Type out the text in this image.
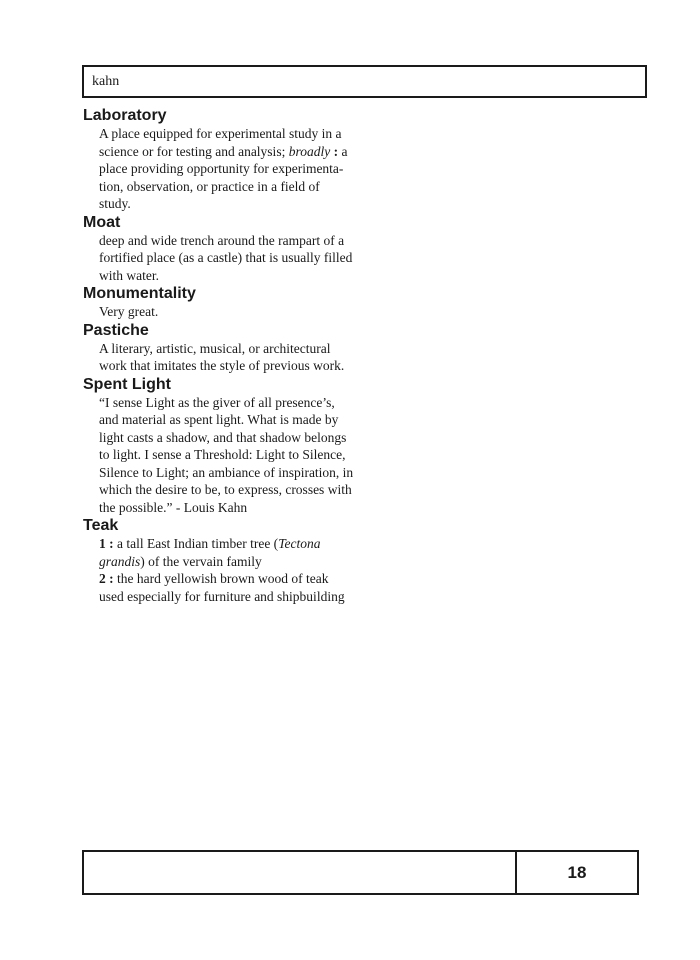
kahn
Laboratory

A place equipped for experimental study in a
science or for testing and analysis; broadly : a
place providing opportunity for experimenta-
tion, observation, or practice in a field of
study.

Moat

deep and wide trench around the rampart of a
fortified place (as a castle) that is usually filled
with water.

Monumentality

Very great.

Pastiche

A literary, artistic, musical, or architectural
work that imitates the style of previous work.

Spent Light

“I sense Light as the giver of all presence’s,
and material as spent light. What is made by
light casts a shadow, and that shadow belongs
to light. I sense a Threshold: Light to Silence,
Silence to Light; an ambiance of inspiration, in
which the desire to be, to express, crosses with
the possible.” - Louis Kahn

Teak

1 : a tall East Indian timber tree (Tectona
grandis) of the vervain family
2 : the hard yellowish brown wood of teak
used especially for furniture and shipbuilding

18
